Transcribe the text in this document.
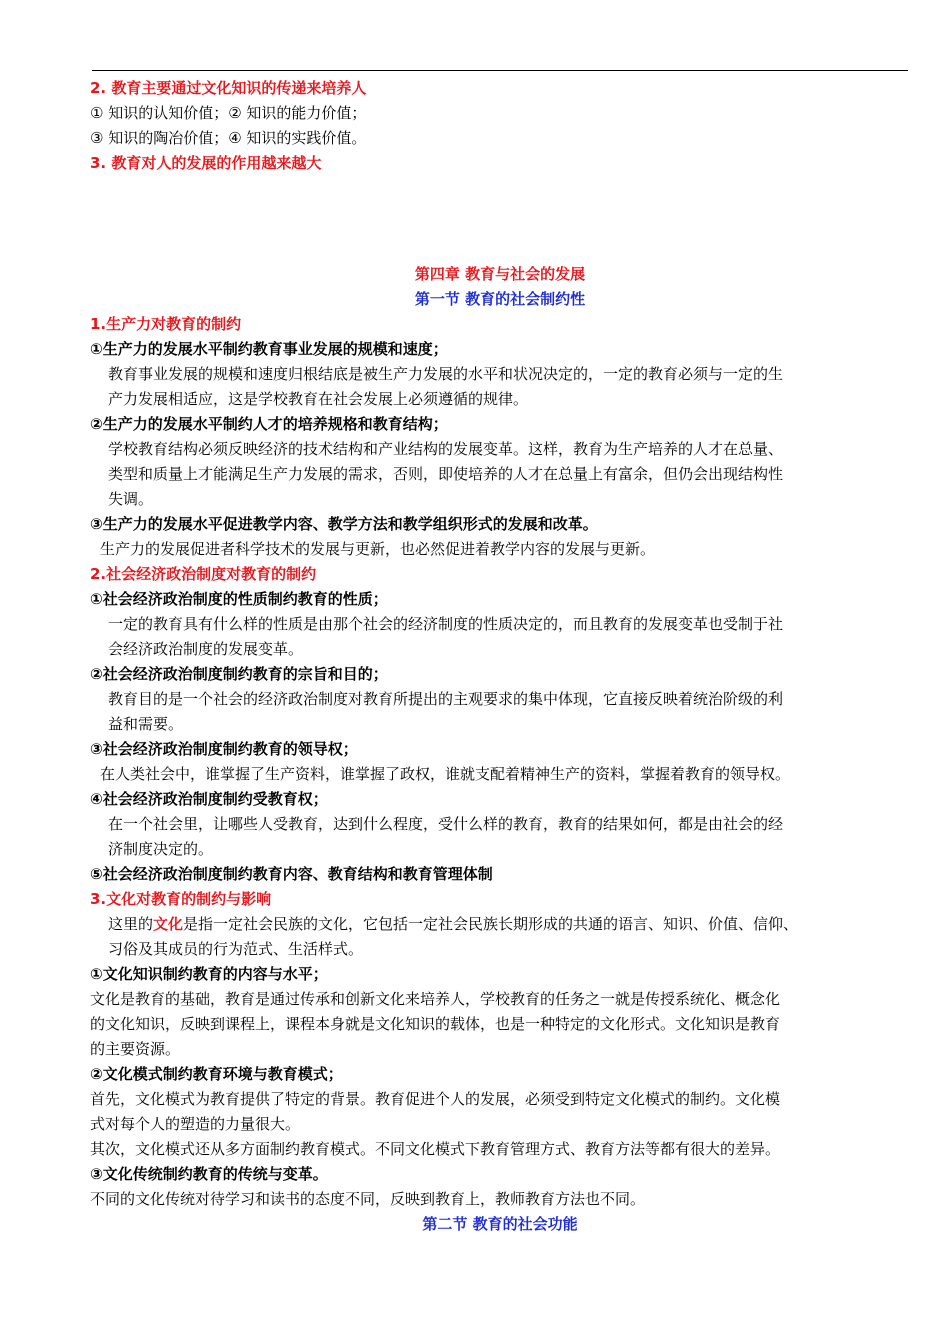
2. 教育主要通过文化知识的传递来培养人
① 知识的认知价值；② 知识的能力价值；
③ 知识的陶冶价值；④ 知识的实践价值。
3. 教育对人的发展的作用越来越大
第四章 教育与社会的发展
第一节 教育的社会制约性
1.生产力对教育的制约
①生产力的发展水平制约教育事业发展的规模和速度；
教育事业发展的规模和速度归根结底是被生产力发展的水平和状况决定的，一定的教育必须与一定的生
产力发展相适应，这是学校教育在社会发展上必须遵循的规律。
②生产力的发展水平制约人才的培养规格和教育结构；
学校教育结构必须反映经济的技术结构和产业结构的发展变革。这样，教育为生产培养的人才在总量、
类型和质量上才能满足生产力发展的需求，否则，即使培养的人才在总量上有富余，但仍会出现结构性
失调。
③生产力的发展水平促进教学内容、教学方法和教学组织形式的发展和改革。
生产力的发展促进者科学技术的发展与更新，也必然促进着教学内容的发展与更新。
2.社会经济政治制度对教育的制约
①社会经济政治制度的性质制约教育的性质；
一定的教育具有什么样的性质是由那个社会的经济制度的性质决定的，而且教育的发展变革也受制于社
会经济政治制度的发展变革。
②社会经济政治制度制约教育的宗旨和目的；
教育目的是一个社会的经济政治制度对教育所提出的主观要求的集中体现，它直接反映着统治阶级的利
益和需要。
③社会经济政治制度制约教育的领导权；
在人类社会中，谁掌握了生产资料，谁掌握了政权，谁就支配着精神生产的资料，掌握着教育的领导权。
④社会经济政治制度制约受教育权；
在一个社会里，让哪些人受教育，达到什么程度，受什么样的教育，教育的结果如何，都是由社会的经
济制度决定的。
⑤社会经济政治制度制约教育内容、教育结构和教育管理体制
3.文化对教育的制约与影响
这里的文化是指一定社会民族的文化，它包括一定社会民族长期形成的共通的语言、知识、价值、信仰、
习俗及其成员的行为范式、生活样式。
①文化知识制约教育的内容与水平；
文化是教育的基础，教育是通过传承和创新文化来培养人，学校教育的任务之一就是传授系统化、概念化
的文化知识，反映到课程上，课程本身就是文化知识的载体，也是一种特定的文化形式。文化知识是教育
的主要资源。
②文化模式制约教育环境与教育模式；
首先，文化模式为教育提供了特定的背景。教育促进个人的发展，必须受到特定文化模式的制约。文化模
式对每个人的塑造的力量很大。
其次，文化模式还从多方面制约教育模式。不同文化模式下教育管理方式、教育方法等都有很大的差异。
③文化传统制约教育的传统与变革。
不同的文化传统对待学习和读书的态度不同，反映到教育上，教师教育方法也不同。
第二节 教育的社会功能
